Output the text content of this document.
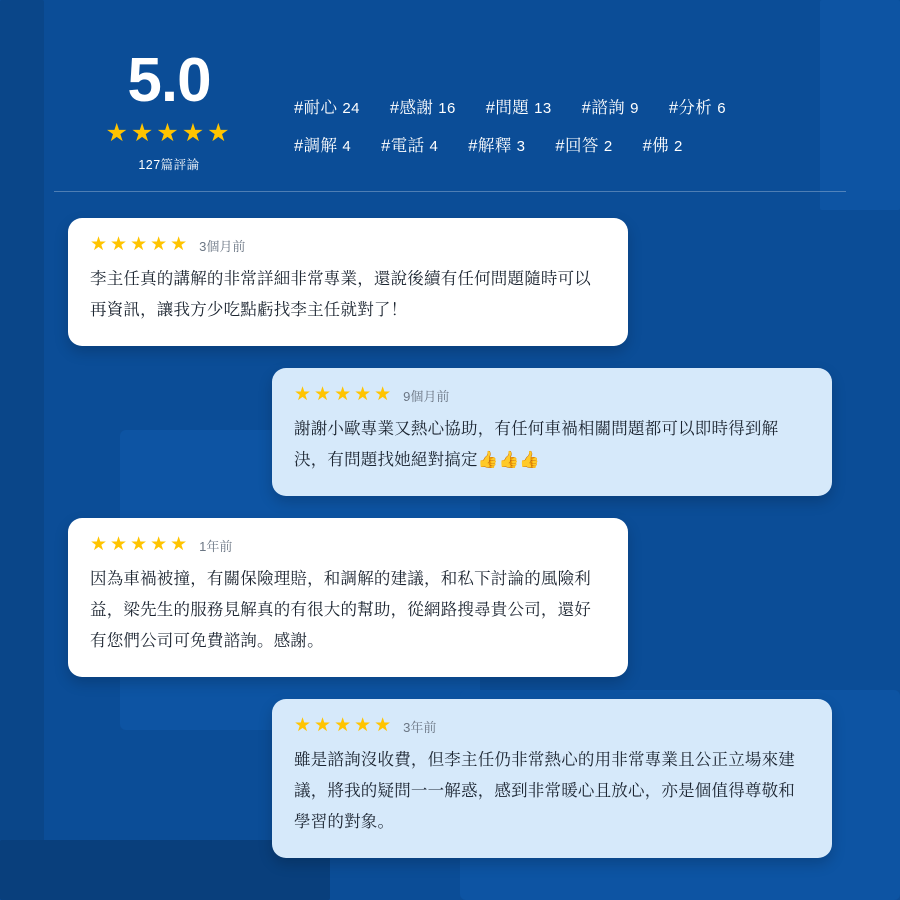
5.0
★★★★★
127篇評論
#耐心 24 #感謝 16 #問題 13 #諮詢 9 #分析 6
#調解 4 #電話 4 #解釋 3 #回答 2 #佛 2
★★★★★ 3個月前
李主任真的講解的非常詳細非常專業，還說後續有任何問題隨時可以再資訊，讓我方少吃點虧找李主任就對了！
★★★★★ 9個月前
謝謝小歐專業又熱心協助，有任何車禍相關問題都可以即時得到解決，有問題找她絕對搞定👍👍👍
★★★★★ 1年前
因為車禍被撞，有關保險理賠，和調解的建議，和私下討論的風險利益，梁先生的服務見解真的有很大的幫助，從網路搜尋貴公司，還好有您們公司可免費諮詢。感謝。
★★★★★ 3年前
雖是諮詢沒收費，但李主任仍非常熱心的用非常專業且公正立場來建議，將我的疑問一一解惑，感到非常暖心且放心，亦是個值得尊敬和學習的對象。
